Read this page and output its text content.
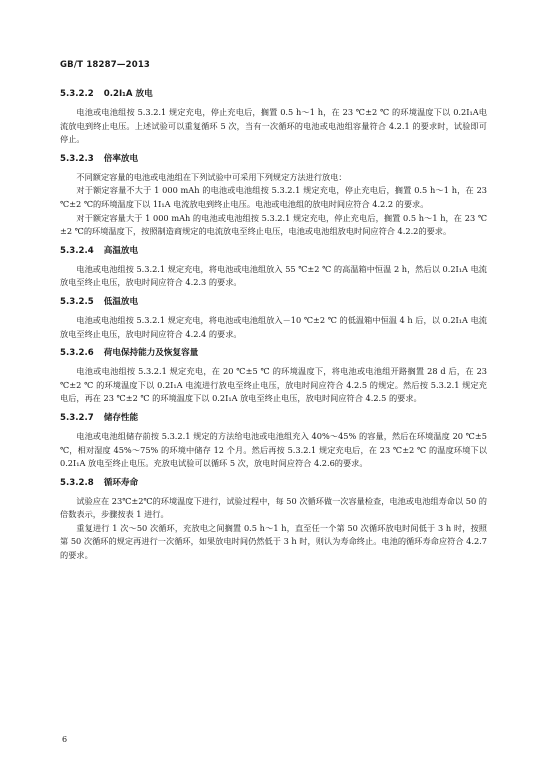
GB/T 18287—2013
5.3.2.2 0.2I₁A 放电

电池或电池组按 5.3.2.1 规定充电，停止充电后，搁置 0.5 h～1 h，在 23 ℃±2 ℃ 的环境温度下以 0.2I₁A电流放电到终止电压。上述试验可以重复循环 5 次，当有一次循环的电池或电池组容量符合 4.2.1 的要求时，试验即可停止。

5.3.2.3 倍率放电

不同额定容量的电池或电池组在下列试验中可采用下列规定方法进行放电：

对于额定容量不大于 1 000 mAh 的电池或电池组按 5.3.2.1 规定充电，停止充电后，搁置 0.5 h～1 h，在 23 ℃±2 ℃的环境温度下以 1I₁A 电流放电到终止电压。电池或电池组的放电时间应符合 4.2.2 的要求。

对于额定容量大于 1 000 mAh 的电池或电池组按 5.3.2.1 规定充电，停止充电后，搁置 0.5 h～1 h，在 23 ℃±2 ℃的环境温度下，按照制造商规定的电流放电至终止电压，电池或电池组放电时间应符合 4.2.2的要求。

5.3.2.4 高温放电

电池或电池组按 5.3.2.1 规定充电，将电池或电池组放入 55 ℃±2 ℃ 的高温箱中恒温 2 h，然后以 0.2I₁A 电流放电至终止电压，放电时间应符合 4.2.3 的要求。

5.3.2.5 低温放电

电池或电池组按 5.3.2.1 规定充电，将电池或电池组放入－10 ℃±2 ℃ 的低温箱中恒温 4 h 后，以 0.2I₁A 电流放电至终止电压，放电时间应符合 4.2.4 的要求。

5.3.2.6 荷电保持能力及恢复容量

电池或电池组按 5.3.2.1 规定充电，在 20 ℃±5 ℃ 的环境温度下，将电池或电池组开路搁置 28 d 后，在 23 ℃±2 ℃ 的环境温度下以 0.2I₁A 电流进行放电至终止电压，放电时间应符合 4.2.5 的规定。然后按 5.3.2.1 规定充电后，再在 23 ℃±2 ℃ 的环境温度下以 0.2I₁A 放电至终止电压，放电时间应符合 4.2.5 的要求。

5.3.2.7 储存性能

电池或电池组储存前按 5.3.2.1 规定的方法给电池或电池组充入 40%～45% 的容量，然后在环境温度 20 ℃±5 ℃，相对湿度 45%～75% 的环境中储存 12 个月。然后再按 5.3.2.1 规定充电后，在 23 ℃±2 ℃ 的温度环境下以 0.2I₁A 放电至终止电压。充放电试验可以循环 5 次，放电时间应符合 4.2.6的要求。

5.3.2.8 循环寿命

试验应在 23℃±2℃的环境温度下进行，试验过程中，每 50 次循环做一次容量检查，电池或电池组寿命以 50 的倍数表示，步骤按表 1 进行。

重复进行 1 次～50 次循环，充放电之间搁置 0.5 h～1 h，直至任一个第 50 次循环放电时间低于 3 h 时，按照第 50 次循环的规定再进行一次循环，如果放电时间仍然低于 3 h 时，则认为寿命终止。电池的循环寿命应符合 4.2.7 的要求。

6
